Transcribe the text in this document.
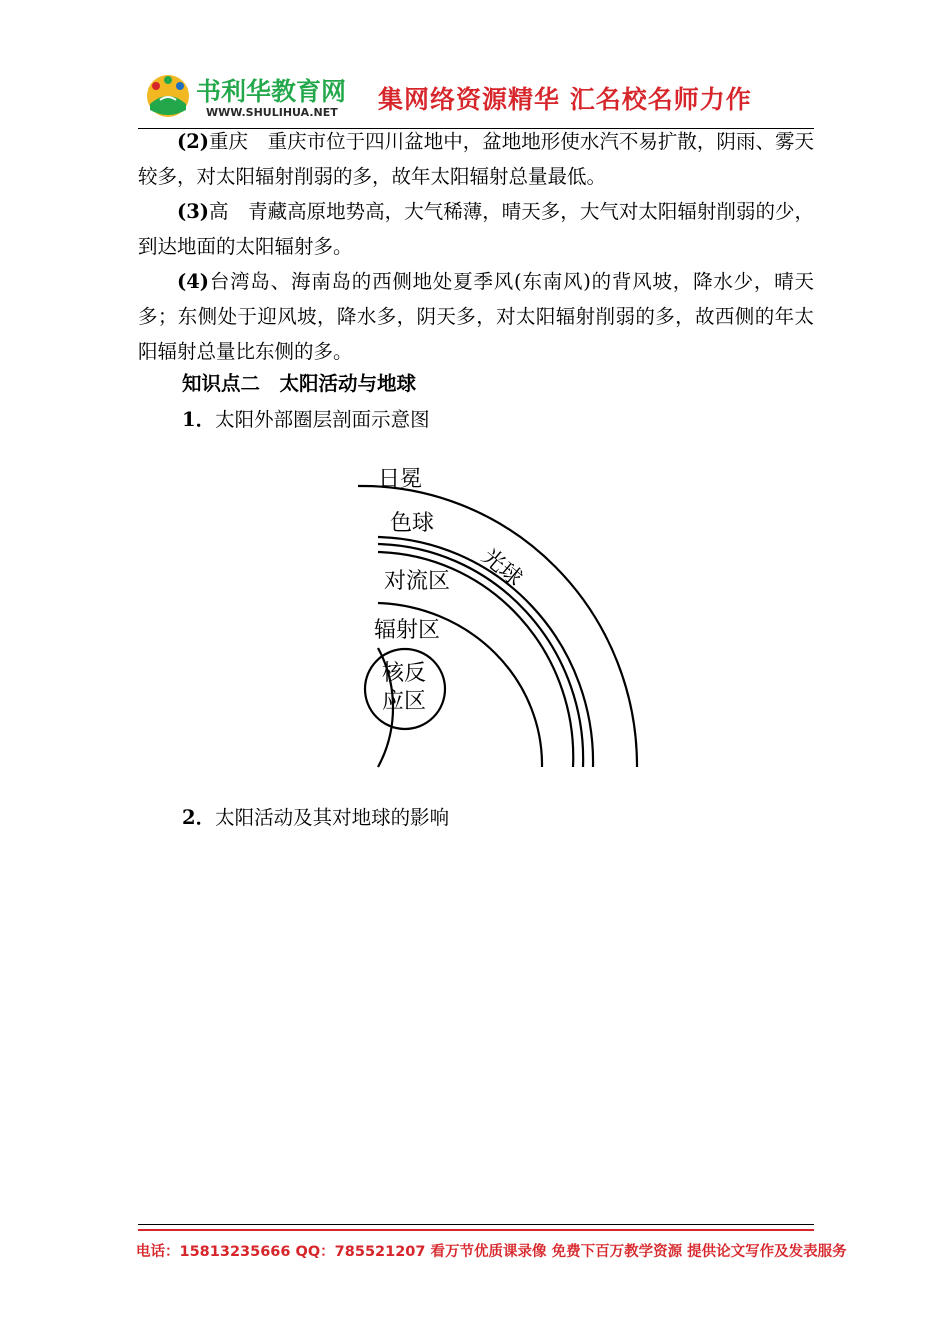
书利华教育网
WWW.SHULIHUA.NET 集网络资源精华 汇名校名师力作

(2)重庆　重庆市位于四川盆地中，盆地地形使水汽不易扩散，阴雨、雾天较多，对太阳辐射削弱的多，故年太阳辐射总量最低。

(3)高　青藏高原地势高，大气稀薄，晴天多，大气对太阳辐射削弱的少，到达地面的太阳辐射多。

(4)台湾岛、海南岛的西侧地处夏季风(东南风)的背风坡，降水少，晴天多；东侧处于迎风坡，降水多，阴天多，对太阳辐射削弱的多，故西侧的年太阳辐射总量比东侧的多。

知识点二　太阳活动与地球

1．太阳外部圈层剖面示意图

日冕
色球
光球
对流区
辐射区
核反
应区

2．太阳活动及其对地球的影响

电话：15813235666 QQ：785521207 看万节优质课录像 免费下百万教学资源 提供论文写作及发表服务
